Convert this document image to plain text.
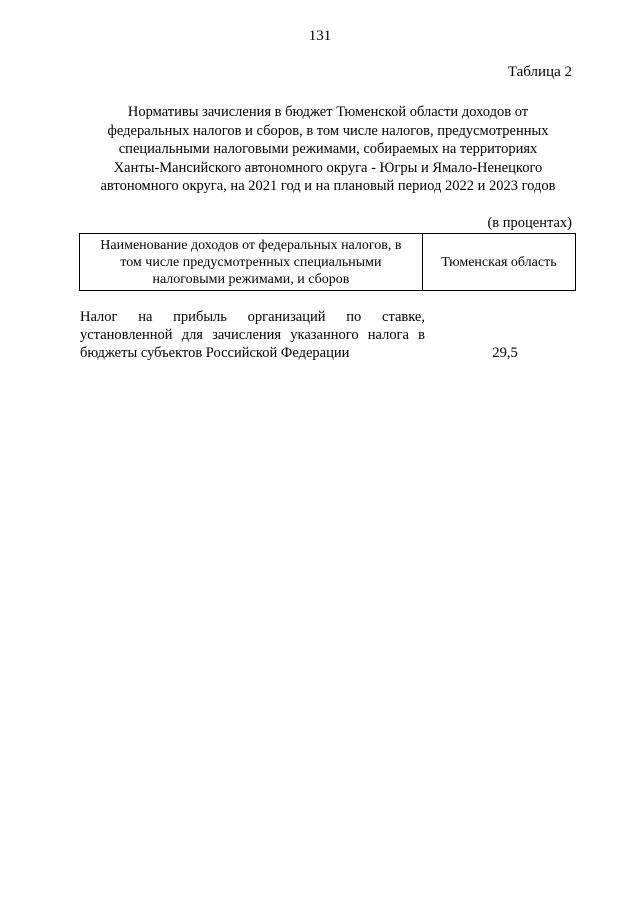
131
Таблица 2
Нормативы зачисления в бюджет Тюменской области доходов от
федеральных налогов и сборов, в том числе налогов, предусмотренных
специальными налоговыми режимами, собираемых на территориях
Ханты-Мансийского автономного округа - Югры и Ямало-Ненецкого
автономного округа, на 2021 год и на плановый период 2022 и 2023 годов
(в процентах)
Наименование доходов от федеральных налогов, в
том числе предусмотренных специальными
налоговыми режимами, и сборов
	Тюменская область
Налог на прибыль организаций по ставке,
установленной для зачисления указанного налога в
бюджеты субъектов Российской Федерации	29,5
